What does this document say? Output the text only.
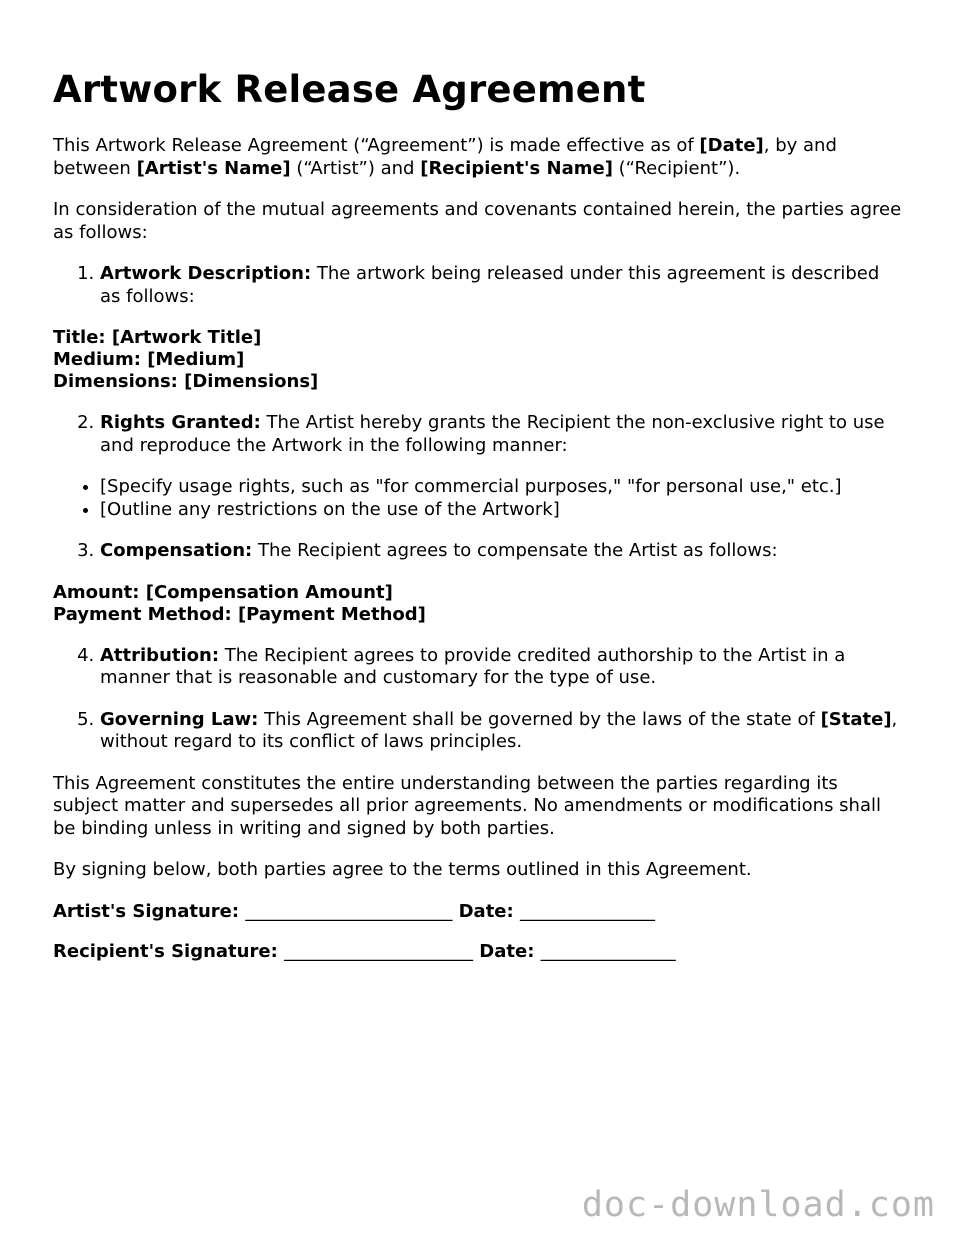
Artwork Release Agreement

This Artwork Release Agreement (“Agreement”) is made effective as of [Date], by and between [Artist's Name] (“Artist”) and [Recipient's Name] (“Recipient”).

In consideration of the mutual agreements and covenants contained herein, the parties agree as follows:

1. Artwork Description: The artwork being released under this agreement is described as follows:
Title: [Artwork Title]
Medium: [Medium]
Dimensions: [Dimensions]
2. Rights Granted: The Artist hereby grants the Recipient the non-exclusive right to use and reproduce the Artwork in the following manner:
• [Specify usage rights, such as "for commercial purposes," "for personal use," etc.]
• [Outline any restrictions on the use of the Artwork]
3. Compensation: The Recipient agrees to compensate the Artist as follows:
Amount: [Compensation Amount]
Payment Method: [Payment Method]
4. Attribution: The Recipient agrees to provide credited authorship to the Artist in a manner that is reasonable and customary for the type of use.
5. Governing Law: This Agreement shall be governed by the laws of the state of [State], without regard to its conflict of laws principles.

This Agreement constitutes the entire understanding between the parties regarding its subject matter and supersedes all prior agreements. No amendments or modifications shall be binding unless in writing and signed by both parties.

By signing below, both parties agree to the terms outlined in this Agreement.

Artist's Signature: _______________________ Date: _______________
Recipient's Signature: _____________________ Date: _______________
doc-download.com
